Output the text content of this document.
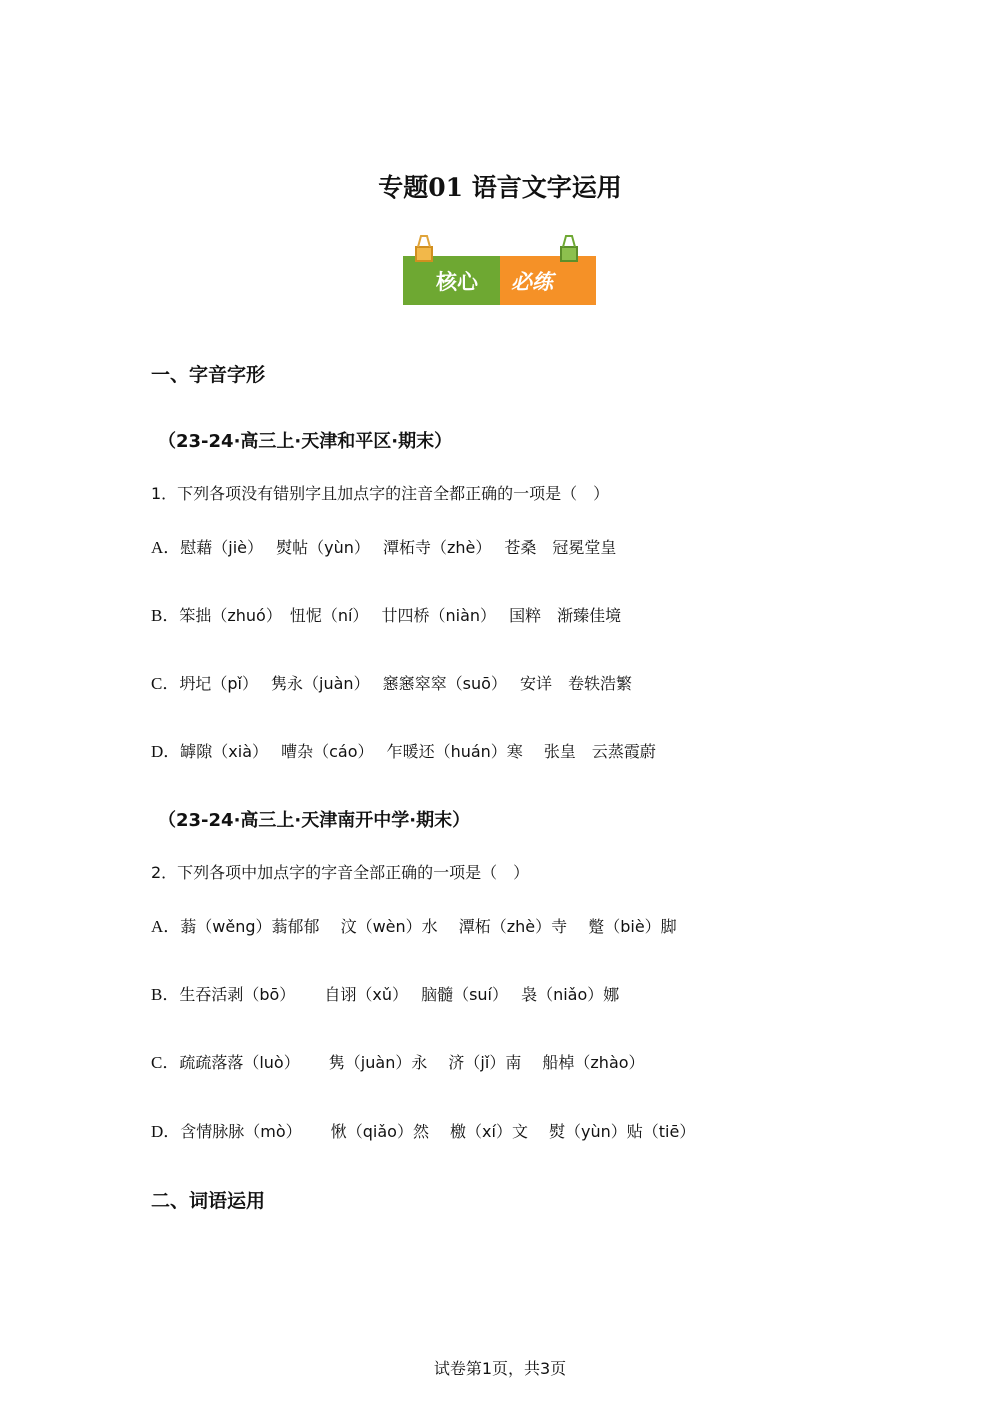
专题01 语言文字运用
核心 必练
一、字音字形
（23-24·高三上·天津和平区·期末）
1．下列各项没有错别字且加点字的注音全都正确的一项是（　）
A．慰藉（jiè）　 熨帖（yùn）　 潭柘寺（zhè）　 苍桑　冠冕堂皇
B．笨拙（zhuó）　忸怩（ní）　 廿四桥（niàn）　 国粹　渐臻佳境
C．坍圮（pǐ）　 隽永（juàn）　 窸窸窣窣（suō）　 安详　卷轶浩繁
D．罅隙（xià）　 嘈杂（cáo）　 乍暖还（huán）寒　 张皇　云蒸霞蔚
（23-24·高三上·天津南开中学·期末）
2．下列各项中加点字的字音全部正确的一项是（　）
A．蓊（wěng）蓊郁郁　 汶（wèn）水　 潭柘（zhè）寺　 蹩（biè）脚
B．生吞活剥（bō）　　 自诩（xǔ）　 脑髓（suí）　 袅（niǎo）娜
C．疏疏落落（luò）　　 隽（juàn）永　 济（jǐ）南　 船棹（zhào）
D．含情脉脉（mò）　　 愀（qiǎo）然　 檄（xí）文　 熨（yùn）贴（tiē）
二、词语运用
试卷第1页，共3页
